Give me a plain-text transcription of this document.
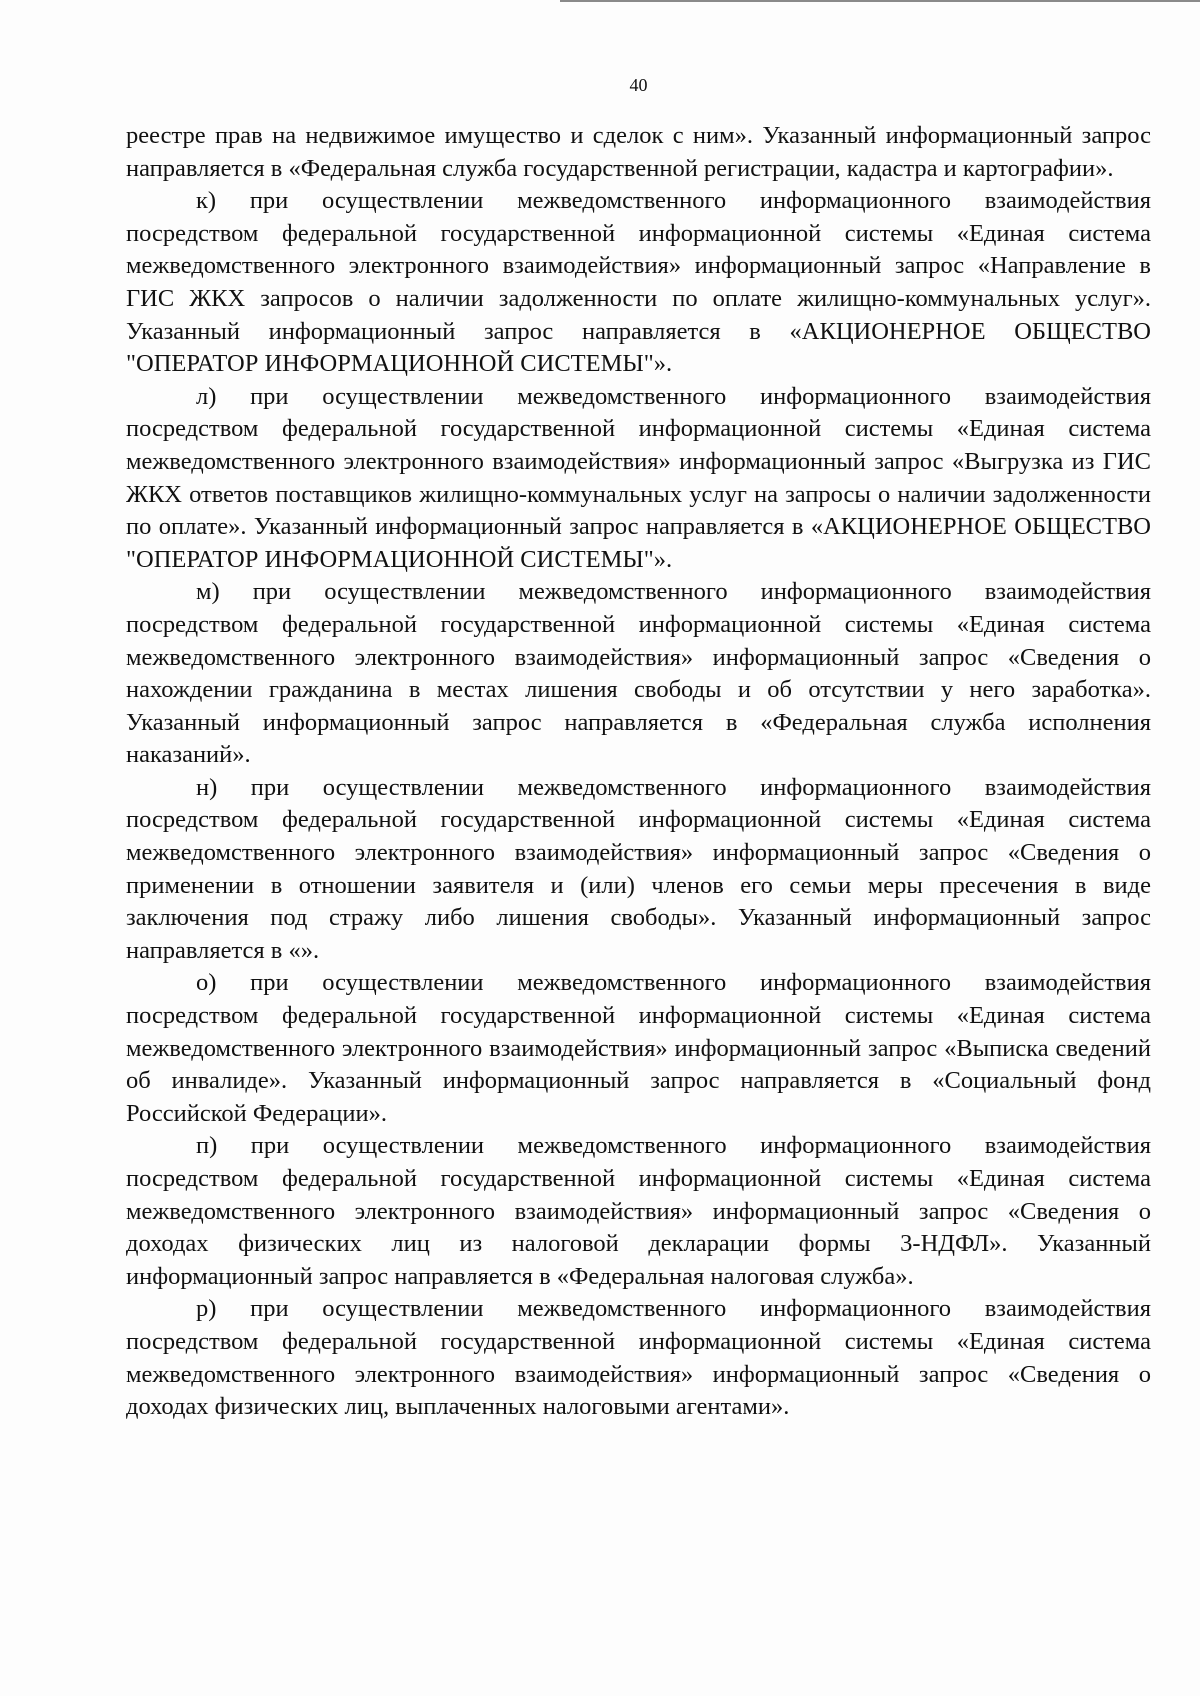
40

реестре прав на недвижимое имущество и сделок с ним». Указанный информационный запрос направляется в «Федеральная служба государственной регистрации, кадастра и картографии».

к) при осуществлении межведомственного информационного взаимодействия посредством федеральной государственной информационной системы «Единая система межведомственного электронного взаимодействия» информационный запрос «Направление в ГИС ЖКХ запросов о наличии задолженности по оплате жилищно-коммунальных услуг». Указанный информационный запрос направляется в «АКЦИОНЕРНОЕ ОБЩЕСТВО "ОПЕРАТОР ИНФОРМАЦИОННОЙ СИСТЕМЫ"».

л) при осуществлении межведомственного информационного взаимодействия посредством федеральной государственной информационной системы «Единая система межведомственного электронного взаимодействия» информационный запрос «Выгрузка из ГИС ЖКХ ответов поставщиков жилищно-коммунальных услуг на запросы о наличии задолженности по оплате». Указанный информационный запрос направляется в «АКЦИОНЕРНОЕ ОБЩЕСТВО "ОПЕРАТОР ИНФОРМАЦИОННОЙ СИСТЕМЫ"».

м) при осуществлении межведомственного информационного взаимодействия посредством федеральной государственной информационной системы «Единая система межведомственного электронного взаимодействия» информационный запрос «Сведения о нахождении гражданина в местах лишения свободы и об отсутствии у него заработка». Указанный информационный запрос направляется в «Федеральная служба исполнения наказаний».

н) при осуществлении межведомственного информационного взаимодействия посредством федеральной государственной информационной системы «Единая система межведомственного электронного взаимодействия» информационный запрос «Сведения о применении в отношении заявителя и (или) членов его семьи меры пресечения в виде заключения под стражу либо лишения свободы». Указанный информационный запрос направляется в «».

о) при осуществлении межведомственного информационного взаимодействия посредством федеральной государственной информационной системы «Единая система межведомственного электронного взаимодействия» информационный запрос «Выписка сведений об инвалиде». Указанный информационный запрос направляется в «Социальный фонд Российской Федерации».

п) при осуществлении межведомственного информационного взаимодействия посредством федеральной государственной информационной системы «Единая система межведомственного электронного взаимодействия» информационный запрос «Сведения о доходах физических лиц из налоговой декларации формы 3-НДФЛ». Указанный информационный запрос направляется в «Федеральная налоговая служба».

р) при осуществлении межведомственного информационного взаимодействия посредством федеральной государственной информационной системы «Единая система межведомственного электронного взаимодействия» информационный запрос «Сведения о доходах физических лиц, выплаченных налоговыми агентами».
